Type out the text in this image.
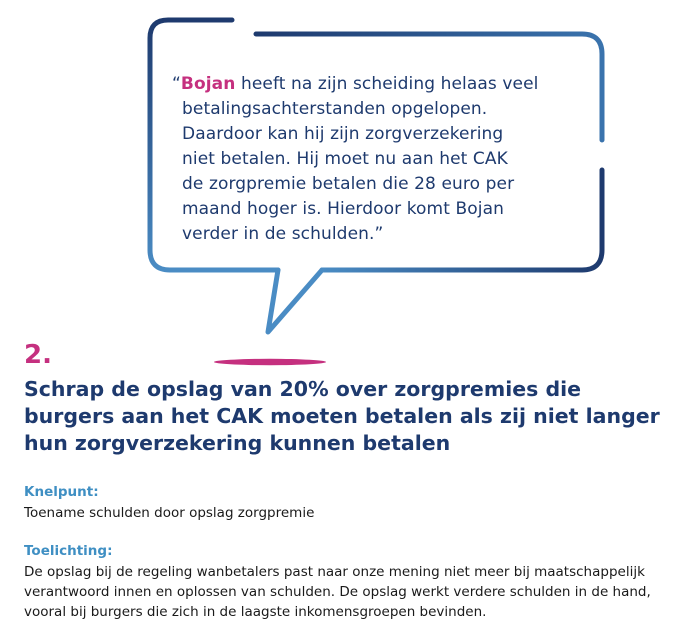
“Bojan heeft na zijn scheiding helaas veel
betalingsachterstanden opgelopen.
Daardoor kan hij zijn zorgverzekering
niet betalen. Hij moet nu aan het CAK
de zorgpremie betalen die 28 euro per
maand hoger is. Hierdoor komt Bojan
verder in de schulden.”
2.
Schrap de opslag van 20% over zorgpremies die
burgers aan het CAK moeten betalen als zij niet langer
hun zorgverzekering kunnen betalen
Knelpunt:
Toename schulden door opslag zorgpremie
Toelichting:
De opslag bij de regeling wanbetalers past naar onze mening niet meer bij maatschappelijk
verantwoord innen en oplossen van schulden. De opslag werkt verdere schulden in de hand,
vooral bij burgers die zich in de laagste inkomensgroepen bevinden.
